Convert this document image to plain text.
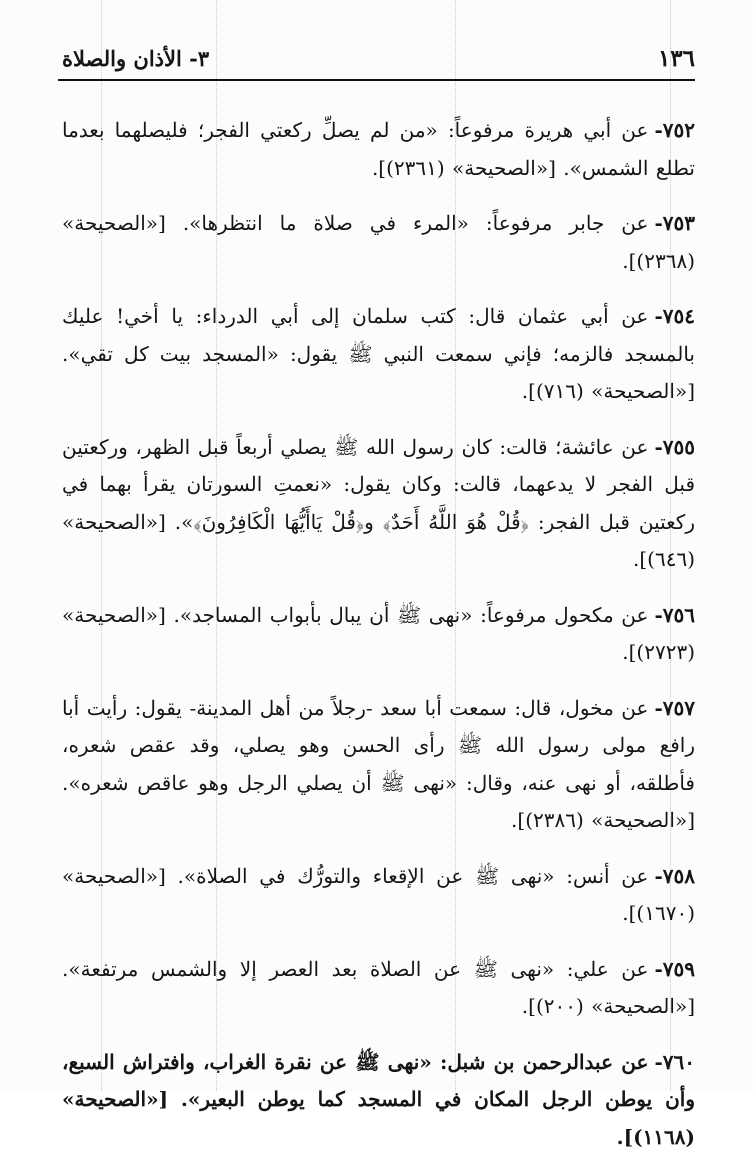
١٣٦
٣- الأذان والصلاة

٧٥٢-عن أبي هريرة مرفوعاً: «من لم يصلِّ ركعتي الفجر؛ فليصلهما بعدما تطلع الشمس». [«الصحيحة» (٢٣٦١)].

٧٥٣-عن جابر مرفوعاً: «المرء في صلاة ما انتظرها». [«الصحيحة» (٢٣٦٨)].

٧٥٤-عن أبي عثمان قال: كتب سلمان إلى أبي الدرداء: يا أخي! عليك بالمسجد فالزمه؛ فإني سمعت النبي ﷺ يقول: «المسجد بيت كل تقي». [«الصحيحة» (٧١٦)].

٧٥٥-عن عائشة؛ قالت: كان رسول الله ﷺ يصلي أربعاً قبل الظهر، وركعتين قبل الفجر لا يدعهما، قالت: وكان يقول: «نعمتِ السورتان يقرأ بهما في ركعتين قبل الفجر: ﴿قُلْ هُوَ اللَّهُ أَحَدٌ﴾ و﴿قُلْ يَاأَيُّهَا الْكَافِرُونَ﴾». [«الصحيحة» (٦٤٦)].

٧٥٦-عن مكحول مرفوعاً: «نهى ﷺ أن يبال بأبواب المساجد». [«الصحيحة» (٢٧٢٣)].

٧٥٧-عن مخول، قال: سمعت أبا سعد -رجلاً من أهل المدينة- يقول: رأيت أبا رافع مولى رسول الله ﷺ رأى الحسن وهو يصلي، وقد عقص شعره، فأطلقه، أو نهى عنه، وقال: «نهى ﷺ أن يصلي الرجل وهو عاقص شعره». [«الصحيحة» (٢٣٨٦)].

٧٥٨-عن أنس: «نهى ﷺ عن الإقعاء والتورُّك في الصلاة». [«الصحيحة» (١٦٧٠)].

٧٥٩-عن علي: «نهى ﷺ عن الصلاة بعد العصر إلا والشمس مرتفعة». [«الصحيحة» (٢٠٠)].

٧٦٠-عن عبدالرحمن بن شبل: «نهى ﷺ عن نقرة الغراب، وافتراش السبع، وأن يوطن الرجل المكان في المسجد كما يوطن البعير». [«الصحيحة» (١١٦٨)].
